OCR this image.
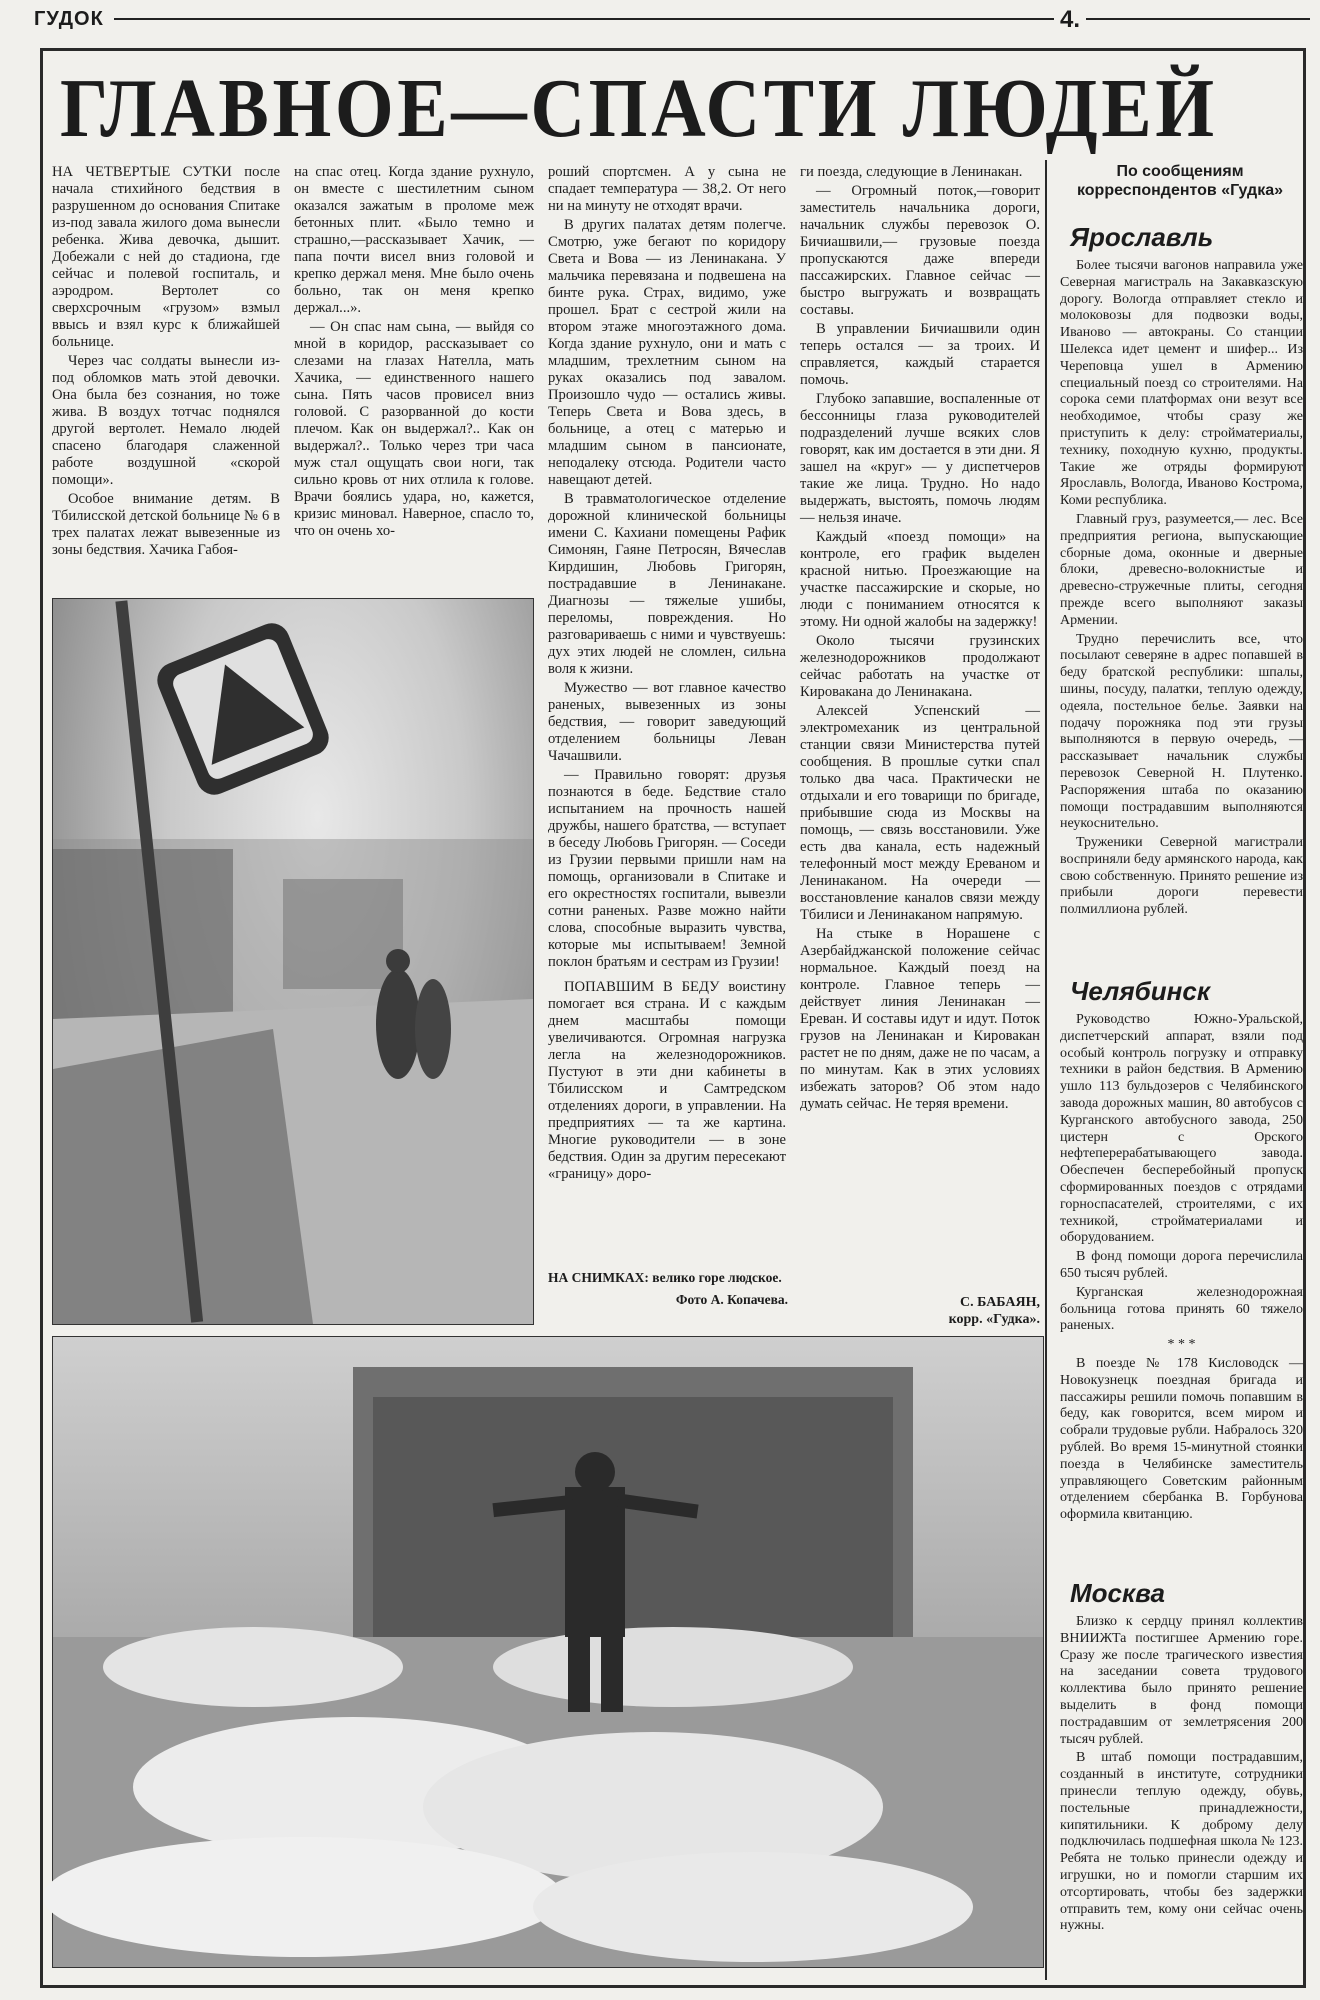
ГУДОК	4.
ГЛАВНОЕ—СПАСТИ ЛЮДЕЙ

НА ЧЕТВЕРТЫЕ СУТКИ после начала стихийного бедствия в разрушенном до основания Спитаке из-под завала жилого дома вынесли ребенка. Жива девочка, дышит. Добежали с ней до стадиона, где сейчас и полевой госпиталь, и аэродром. Вертолет со сверхсрочным «грузом» взмыл ввысь и взял курс к ближайшей больнице.

Через час солдаты вынесли из-под обломков мать этой девочки. Она была без сознания, но тоже жива. В воздух тотчас поднялся другой вертолет. Немало людей спасено благодаря слаженной работе воздушной «скорой помощи».

Особое внимание детям. В Тбилисской детской больнице № 6 в трех палатах лежат вывезенные из зоны бедствия. Хачика Габоя-

на спас отец. Когда здание рухнуло, он вместе с шестилетним сыном оказался зажатым в проломе меж бетонных плит. «Было темно и страшно,—рассказывает Хачик, — папа почти висел вниз головой и крепко держал меня. Мне было очень больно, так он меня крепко держал...».

— Он спас нам сына, — выйдя со мной в коридор, рассказывает со слезами на глазах Нателла, мать Хачика, — единственного нашего сына. Пять часов провисел вниз головой. С разорванной до кости плечом. Как он выдержал?.. Как он выдержал?.. Только через три часа муж стал ощущать свои ноги, так сильно кровь от них отлила к голове. Врачи боялись удара, но, кажется, кризис миновал. Наверное, спасло то, что он очень хо-

роший спортсмен. А у сына не спадает температура — 38,2. От него ни на минуту не отходят врачи.

В других палатах детям полегче. Смотрю, уже бегают по коридору Света и Вова — из Ленинакана. У мальчика перевязана и подвешена на бинте рука. Страх, видимо, уже прошел. Брат с сестрой жили на втором этаже многоэтажного дома. Когда здание рухнуло, они и мать с младшим, трехлетним сыном на руках оказались под завалом. Произошло чудо — остались живы. Теперь Света и Вова здесь, в больнице, а отец с матерью и младшим сыном в пансионате, неподалеку отсюда. Родители часто навещают детей.

В травматологическое отделение дорожной клинической больницы имени С. Кахиани помещены Рафик Симонян, Гаяне Петросян, Вячеслав Кирдишин, Любовь Григорян, пострадавшие в Ленинакане. Диагнозы — тяжелые ушибы, переломы, повреждения. Но разговариваешь с ними и чувствуешь: дух этих людей не сломлен, сильна воля к жизни.

Мужество — вот главное качество раненых, вывезенных из зоны бедствия, — говорит заведующий отделением больницы Леван Чачашвили.

— Правильно говорят: друзья познаются в беде. Бедствие стало испытанием на прочность нашей дружбы, нашего братства, — вступает в беседу Любовь Григорян. — Соседи из Грузии первыми пришли нам на помощь, организовали в Спитаке и его окрестностях госпитали, вывезли сотни раненых. Разве можно найти слова, способные выразить чувства, которые мы испытываем! Земной поклон братьям и сестрам из Грузии!

ПОПАВШИМ В БЕДУ воистину помогает вся страна. И с каждым днем масштабы помощи увеличиваются. Огромная нагрузка легла на железнодорожников. Пустуют в эти дни кабинеты в Тбилисском и Самтредском отделениях дороги, в управлении. На предприятиях — та же картина. Многие руководители — в зоне бедствия. Один за другим пересекают «границу» доро-

ги поезда, следующие в Ленинакан.

— Огромный поток,—говорит заместитель начальника дороги, начальник службы перевозок О. Бичиашвили,— грузовые поезда пропускаются даже впереди пассажирских. Главное сейчас — быстро выгружать и возвращать составы.

В управлении Бичиашвили один теперь остался — за троих. И справляется, каждый старается помочь.

Глубоко запавшие, воспаленные от бессонницы глаза руководителей подразделений лучше всяких слов говорят, как им достается в эти дни. Я зашел на «круг» — у диспетчеров такие же лица. Трудно. Но надо выдержать, выстоять, помочь людям — нельзя иначе.

Каждый «поезд помощи» на контроле, его график выделен красной нитью. Проезжающие на участке пассажирские и скорые, но люди с пониманием относятся к этому. Ни одной жалобы на задержку!

Около тысячи грузинских железнодорожников продолжают сейчас работать на участке от Кировакана до Ленинакана.

Алексей Успенский — электромеханик из центральной станции связи Министерства путей сообщения. В прошлые сутки спал только два часа. Практически не отдыхали и его товарищи по бригаде, прибывшие сюда из Москвы на помощь, — связь восстановили. Уже есть два канала, есть надежный телефонный мост между Ереваном и Ленинаканом. На очереди — восстановление каналов связи между Тбилиси и Ленинаканом напрямую.

На стыке в Норашене с Азербайджанской положение сейчас нормальное. Каждый поезд на контроле. Главное теперь — действует линия Ленинакан — Ереван. И составы идут и идут. Поток грузов на Ленинакан и Кировакан растет не по дням, даже не по часам, а по минутам. Как в этих условиях избежать заторов? Об этом надо думать сейчас. Не теряя времени.

С. БАБАЯН,
корр. «Гудка».
НА СНИМКАХ: велико горе людское.
Фото А. Копачева.
По сообщениям корреспондентов «Гудка»
Ярославль

Более тысячи вагонов направила уже Северная магистраль на Закавказскую дорогу. Вологда отправляет стекло и молоковозы для подвозки воды, Иваново — автокраны. Со станции Шелекса идет цемент и шифер... Из Череповца ушел в Армению специальный поезд со строителями. На сорока семи платформах они везут все необходимое, чтобы сразу же приступить к делу: стройматериалы, технику, походную кухню, продукты. Такие же отряды формируют Ярославль, Вологда, Иваново Кострома, Коми республика.

Главный груз, разумеется,— лес. Все предприятия региона, выпускающие сборные дома, оконные и дверные блоки, древесно-волокнистые и древесно-стружечные плиты, сегодня прежде всего выполняют заказы Армении.

Трудно перечислить все, что посылают северяне в адрес попавшей в беду братской республики: шпалы, шины, посуду, палатки, теплую одежду, одеяла, постельное белье. Заявки на подачу порожняка под эти грузы выполняются в первую очередь, — рассказывает начальник службы перевозок Северной Н. Плутенко. Распоряжения штаба по оказанию помощи пострадавшим выполняются неукоснительно.

Труженики Северной магистрали восприняли беду армянского народа, как свою собственную. Принято решение из прибыли дороги перевести полмиллиона рублей.

Челябинск

Руководство Южно-Уральской, диспетчерский аппарат, взяли под особый контроль погрузку и отправку техники в район бедствия. В Армению ушло 113 бульдозеров с Челябинского завода дорожных машин, 80 автобусов с Курганского автобусного завода, 250 цистерн с Орского нефтеперерабатывающего завода. Обеспечен бесперебойный пропуск сформированных поездов с отрядами горноспасателей, строителями, с их техникой, стройматериалами и оборудованием.

В фонд помощи дорога перечислила 650 тысяч рублей.

Курганская железнодорожная больница готова принять 60 тяжело раненых.

* * *

В поезде № 178 Кисловодск — Новокузнецк поездная бригада и пассажиры решили помочь попавшим в беду, как говорится, всем миром и собрали трудовые рубли. Набралось 320 рублей. Во время 15-минутной стоянки поезда в Челябинске заместитель управляющего Советским районным отделением сбербанка В. Горбунова оформила квитанцию.

Москва

Близко к сердцу принял коллектив ВНИИЖТа постигшее Армению горе. Сразу же после трагического известия на заседании совета трудового коллектива было принято решение выделить в фонд помощи пострадавшим от землетрясения 200 тысяч рублей.

В штаб помощи пострадавшим, созданный в институте, сотрудники принесли теплую одежду, обувь, постельные принадлежности, кипятильники. К доброму делу подключилась подшефная школа № 123. Ребята не только принесли одежду и игрушки, но и помогли старшим их отсортировать, чтобы без задержки отправить тем, кому они сейчас очень нужны.
